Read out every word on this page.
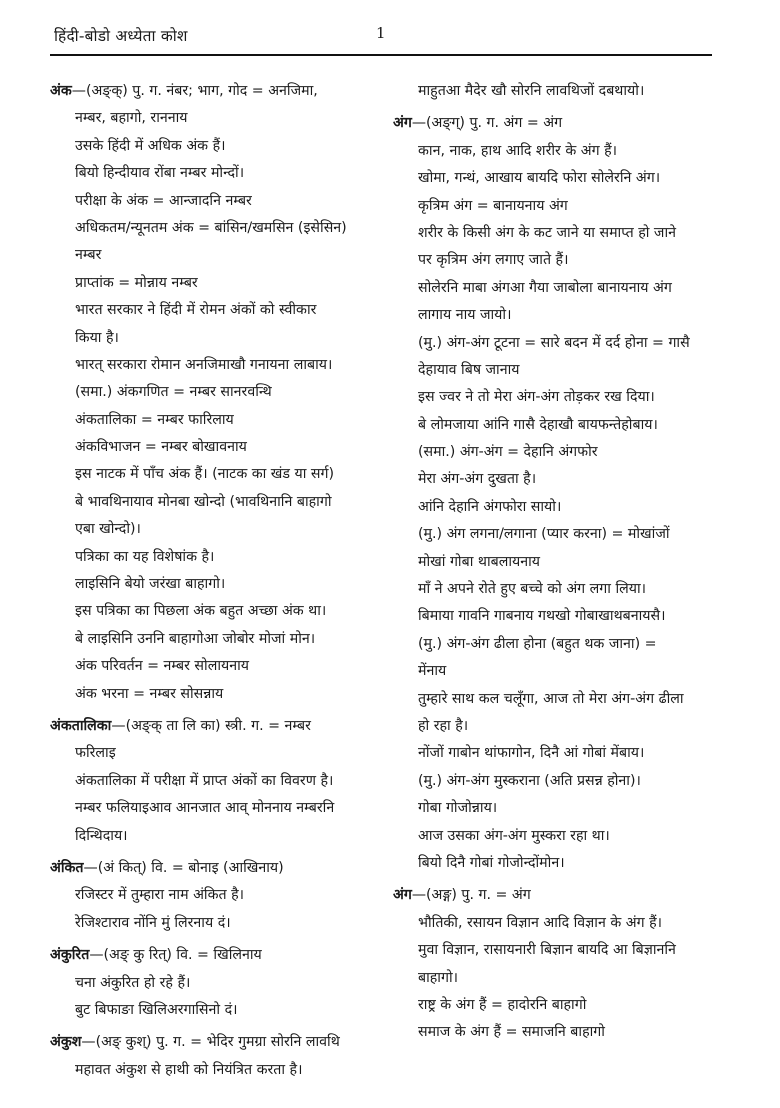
हिंदी-बोडो अध्येता कोश	1
अंक—(अङ्क्) पु. ग. नंबर; भाग, गोद = अनजिमा,
नम्बर, बहागो, राननाय
उसके हिंदी में अधिक अंक हैं।
बियो हिन्दीयाव रोंबा नम्बर मोन्दों।
परीक्षा के अंक = आन्जादनि नम्बर
अधिकतम/न्यूनतम अंक = बांसिन/खमसिन (इसेसिन)
नम्बर
प्राप्तांक = मोन्नाय नम्बर
भारत सरकार ने हिंदी में रोमन अंकों को स्वीकार
किया है।
भारत् सरकारा रोमान अनजिमाखौ गनायना लाबाय।
(समा.) अंकगणित = नम्बर सानरवन्थि
अंकतालिका = नम्बर फारिलाय
अंकविभाजन = नम्बर बोखावनाय
इस नाटक में पाँच अंक हैं। (नाटक का खंड या सर्ग)
बे भावथिनायाव मोनबा खोन्दो (भावथिनानि बाहागो
एबा खोन्दो)।
पत्रिका का यह विशेषांक है।
लाइसिनि बेयो जरंखा बाहागो।
इस पत्रिका का पिछला अंक बहुत अच्छा अंक था।
बे लाइसिनि उननि बाहागोआ जोबोर मोजां मोन।
अंक परिवर्तन = नम्बर सोलायनाय
अंक भरना = नम्बर सोसन्नाय
अंकतालिका—(अङ्क् ता लि का) स्त्री. ग. = नम्बर
फरिलाइ
अंकतालिका में परीक्षा में प्राप्त अंकों का विवरण है।
नम्बर फलियाइआव आनजात आव् मोननाय नम्बरनि
दिन्थिदाय।
अंकित—(अं कित्) वि. = बोनाइ (आखिनाय)
रजिस्टर में तुम्हारा नाम अंकित है।
रेजिश्टाराव नोंनि मुं लिरनाय दं।
अंकुरित—(अङ् कु रित्) वि. = खिलिनाय
चना अंकुरित हो रहे हैं।
बुट बिफाङा खिलिअरगासिनो दं।
अंकुश—(अङ् कुश्) पु. ग. = भेदिर गुमग्रा सोरनि लावथि
महावत अंकुश से हाथी को नियंत्रित करता है।
माहुतआ मैदेर खौ सोरनि लावथिजों दबथायो।
अंग—(अङ्ग्) पु. ग. अंग = अंग
कान, नाक, हाथ आदि शरीर के अंग हैं।
खोमा, गन्थं, आखाय बायदि फोरा सोलेरनि अंग।
कृत्रिम अंग = बानायनाय अंग
शरीर के किसी अंग के कट जाने या समाप्त हो जाने
पर कृत्रिम अंग लगाए जाते हैं।
सोलेरनि माबा अंगआ गैया जाबोला बानायनाय अंग
लागाय नाय जायो।
(मु.) अंग-अंग टूटना = सारे बदन में दर्द होना = गासै
देहायाव बिष जानाय
इस ज्वर ने तो मेरा अंग-अंग तोड़कर रख दिया।
बे लोमजाया आंनि गासै देहाखौ बायफन्तेहोबाय।
(समा.) अंग-अंग = देहानि अंगफोर
मेरा अंग-अंग दुखता है।
आंनि देहानि अंगफोरा सायो।
(मु.) अंग लगना/लगाना (प्यार करना) = मोखांजों
मोखां गोबा थाबलायनाय
माँ ने अपने रोते हुए बच्चे को अंग लगा लिया।
बिमाया गावनि गाबनाय गथखो गोबाखाथबनायसै।
(मु.) अंग-अंग ढीला होना (बहुत थक जाना) =
मेंनाय
तुम्हारे साथ कल चलूँगा, आज तो मेरा अंग-अंग ढीला
हो रहा है।
नोंजों गाबोन थांफागोन, दिनै आं गोबां मेंबाय।
(मु.) अंग-अंग मुस्कराना (अति प्रसन्न होना)।
गोबा गोजोन्नाय।
आज उसका अंग-अंग मुस्करा रहा था।
बियो दिनै गोबां गोजोन्दोंमोन।
अंग—(अङ्ग) पु. ग. = अंग
भौतिकी, रसायन विज्ञान आदि विज्ञान के अंग हैं।
मुवा विज्ञान, रासायनारी बिज्ञान बायदि आ बिज्ञाननि
बाहागो।
राष्ट्र के अंग हैं = हादोरनि बाहागो
समाज के अंग हैं = समाजनि बाहागो
